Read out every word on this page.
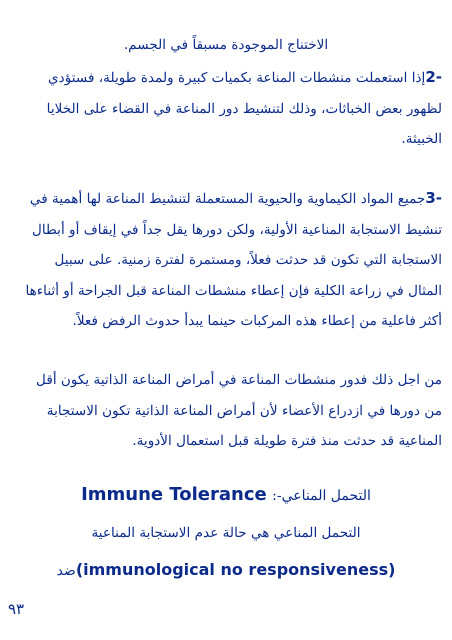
الاختناج الموجودة مسبقاً في الجسم.
-2إذا استعملت منشطات المناعة بكميات كبيرة ولمدة طويلة، فستؤدي
لظهور بعض الخباثات، وذلك لتنشيط دور المناعة في القضاء على الخلايا
الخبيثة.
-3جميع المواد الكيماوية والحيوية المستعملة لتنشيط المناعة لها أهمية في
تنشيط الاستجابة المناعية الأولية، ولكن دورها يقل جداً في إيقاف أو أبطال
الاستجابة التي تكون قد حدثت فعلاً، ومستمرة لفترة زمنية. على سبيل
المثال في زراعة الكلية فإن إعطاء منشطات المناعة قبل الجراحة أو أثناءها
أكثر فاعلية من إعطاء هذه المركبات حينما يبدأ حدوث الرفض فعلاً.
من اجل ذلك فدور منشطات المناعة في أمراض المناعة الذاتية يكون أقل
من دورها في ازدراع الأعضاء لأن أمراض المناعة الذاتية تكون الاستجابة
المناعية قد حدثت منذ فترة طويلة قبل استعمال الأدوية.
Immune Tolerance :-التحمل المناعي
التحمل المناعي هي حالة عدم الاستجابة المناعية
ضد(immunological no responsiveness)
٩٣
